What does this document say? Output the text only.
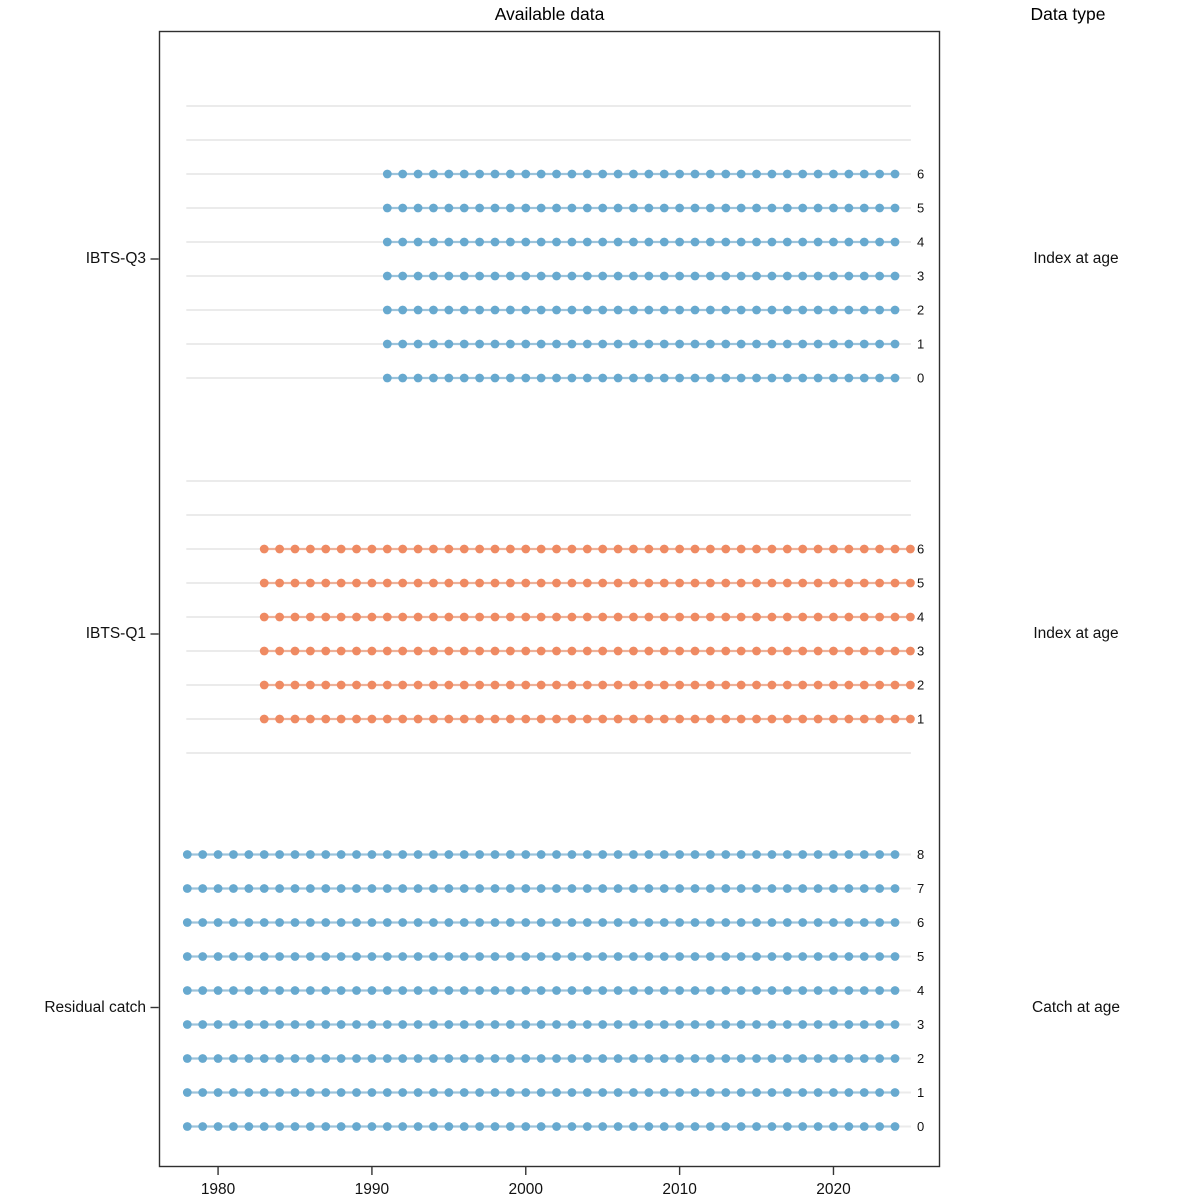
6
5
4
3
2
1
0
6
5
4
3
2
1
8
7
6
5
4
3
2
1
0
Available data	Data type
IBTS-Q3
IBTS-Q1
Residual catch
Index at age
Index at age
Catch at age
1980	1990	2000	2010	2020
